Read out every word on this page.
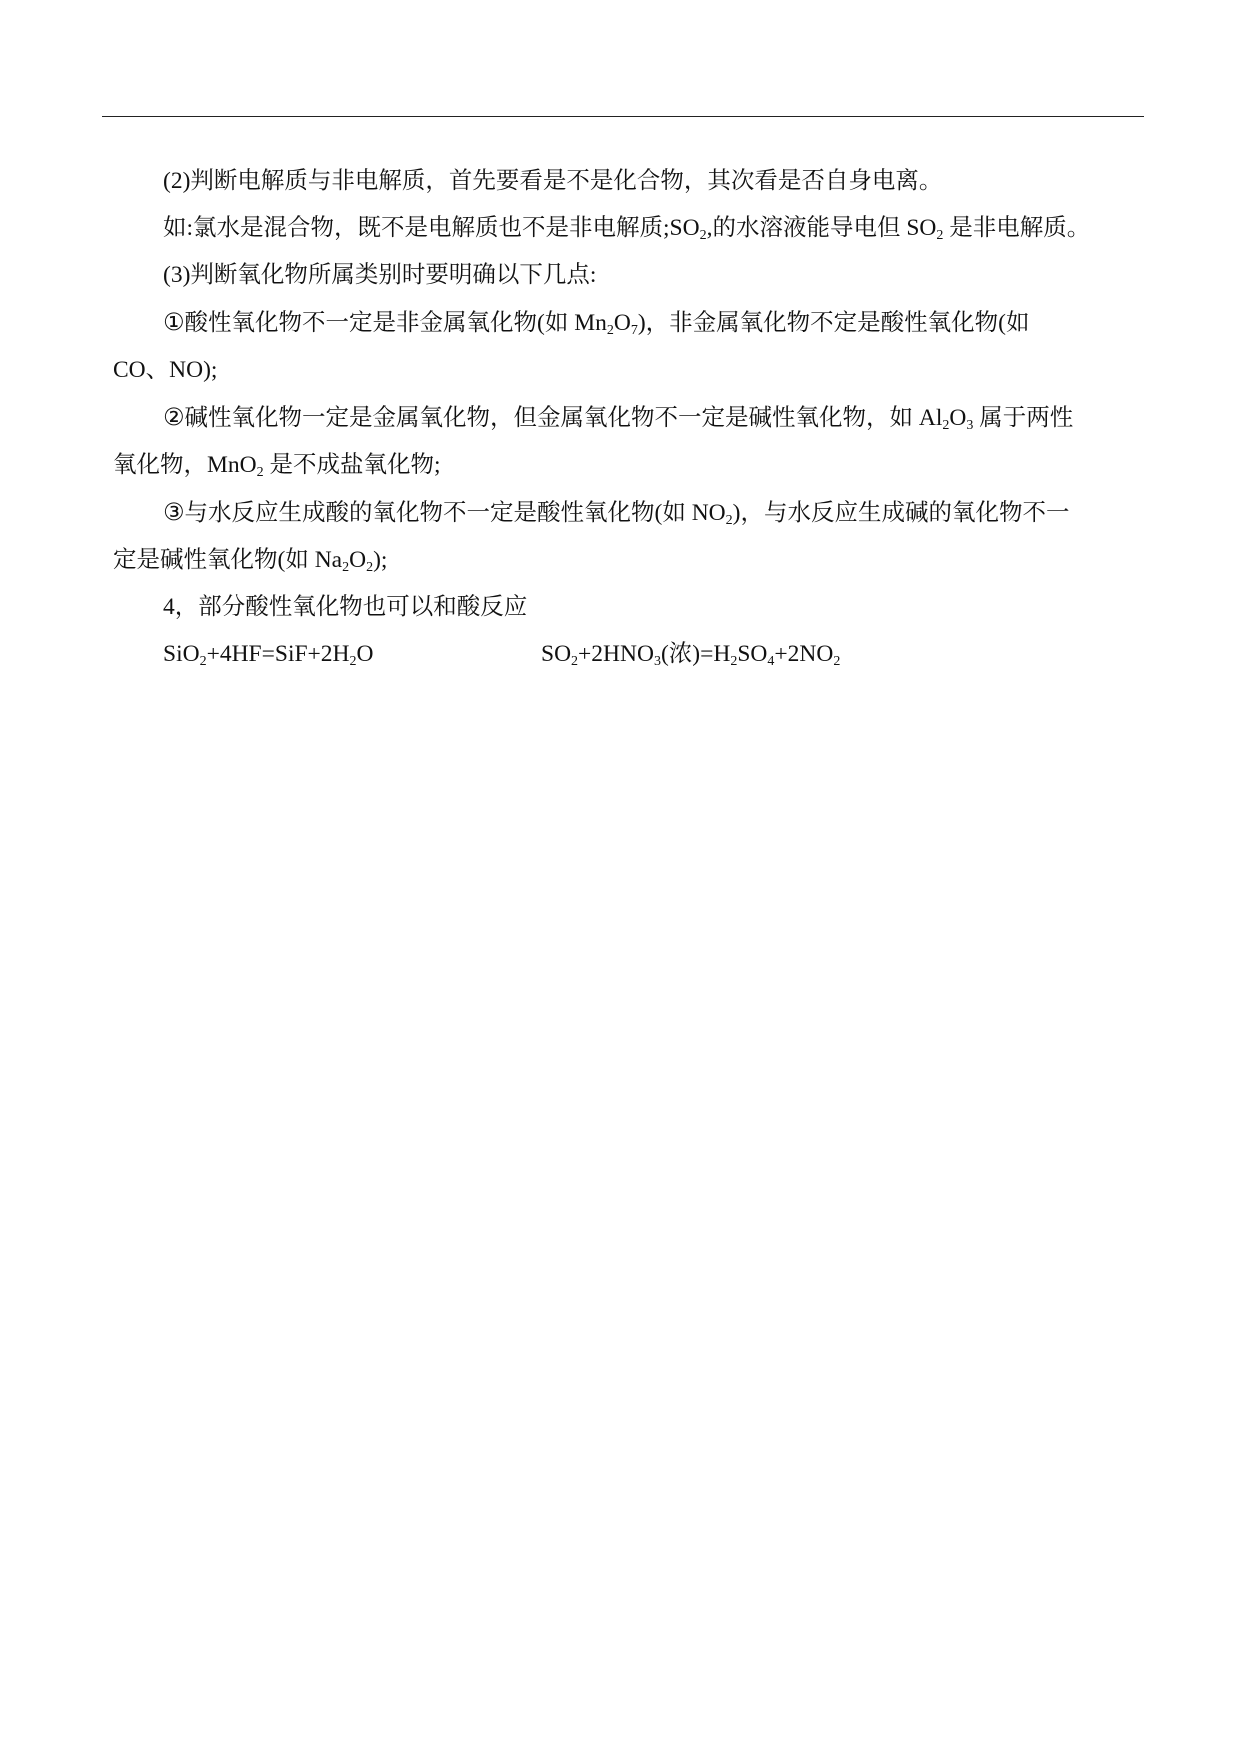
(2)判断电解质与非电解质，首先要看是不是化合物，其次看是否自身电离。

如:氯水是混合物，既不是电解质也不是非电解质$;SO_2$,的水溶液能导电但 $SO_2$ 是非电解质。

(3)判断氧化物所属类别时要明确以下几点:

①酸性氧化物不一定是非金属氧化物(如 $Mn_2O_7$)，非金属氧化物不定是酸性氧化物(如

CO、NO);

②碱性氧化物一定是金属氧化物，但金属氧化物不一定是碱性氧化物，如 $Al_2O_3$ 属于两性

氧化物，MnO$_2$ 是不成盐氧化物;

③与水反应生成酸的氧化物不一定是酸性氧化物(如 $NO_2$)，与水反应生成碱的氧化物不一

定是碱性氧化物(如 $Na_2O_2$);

4，部分酸性氧化物也可以和酸反应

$SiO_2+4HF=SiF+2H_2O$	$SO_2+2HNO_3$(浓)$=H_2SO_4+2NO_2$
